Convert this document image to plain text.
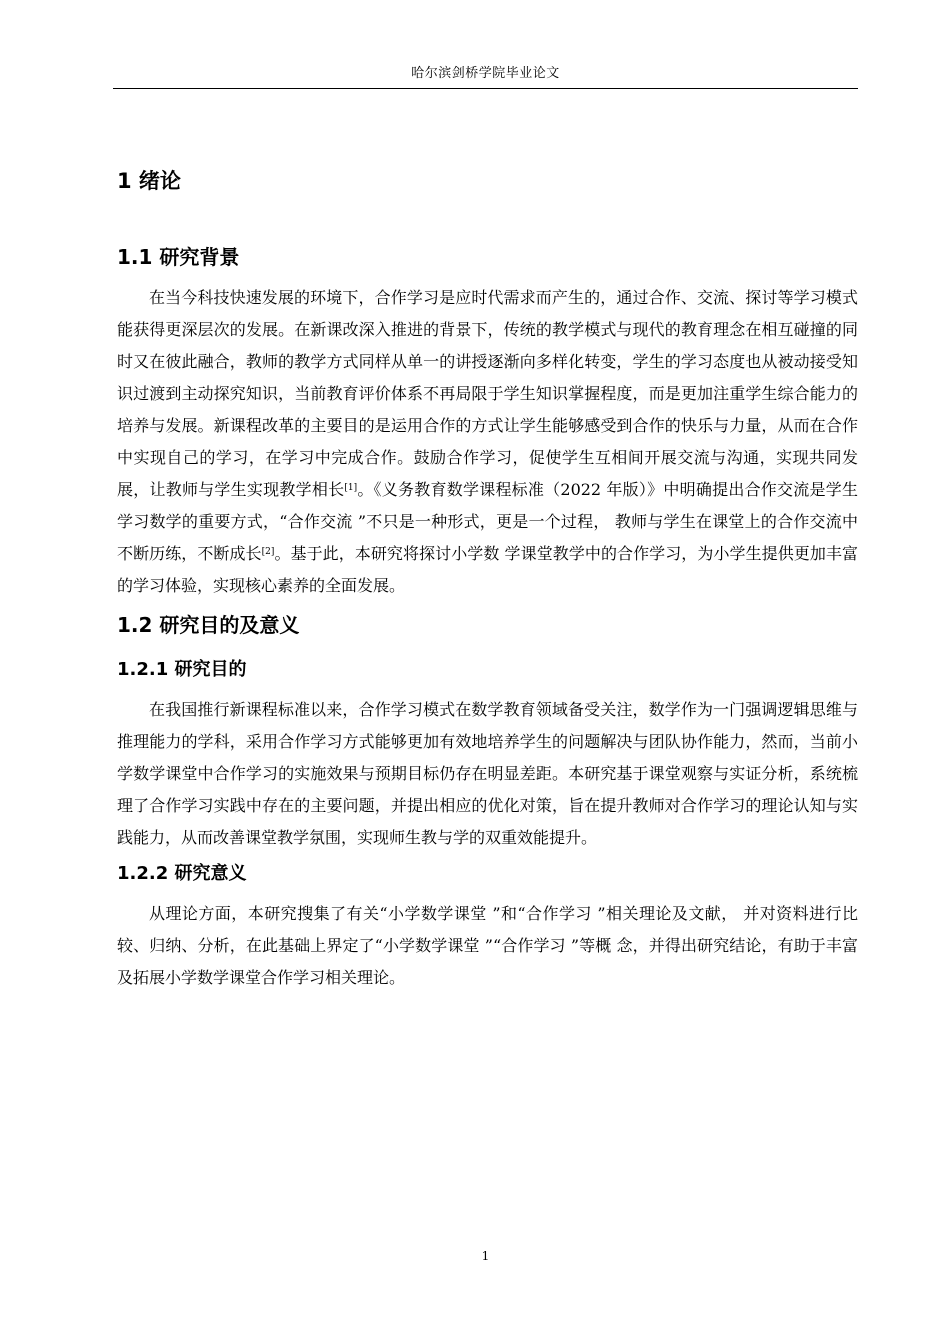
哈尔滨剑桥学院毕业论文
1 绪论
1.1 研究背景

在当今科技快速发展的环境下，合作学习是应时代需求而产生的，通过合作、交流、探讨等学习模式能获得更深层次的发展。在新课改深入推进的背景下，传统的教学模式与现代的教育理念在相互碰撞的同时又在彼此融合，教师的教学方式同样从单一的讲授逐渐向多样化转变，学生的学习态度也从被动接受知识过渡到主动探究知识，当前教育评价体系不再局限于学生知识掌握程度，而是更加注重学生综合能力的培养与发展。新课程改革的主要目的是运用合作的方式让学生能够感受到合作的快乐与力量，从而在合作中实现自己的学习，在学习中完成合作。鼓励合作学习，促使学生互相间开展交流与沟通，实现共同发展，让教师与学生实现教学相长[1]。《义务教育数学课程标准（2022 年版）》中明确提出合作交流是学生学习数学的重要方式，“合作交流 ”不只是一种形式，更是一个过程， 教师与学生在课堂上的合作交流中不断历练，不断成长[2]。基于此，本研究将探讨小学数 学课堂教学中的合作学习，为小学生提供更加丰富的学习体验，实现核心素养的全面发展。

1.2 研究目的及意义
1.2.1 研究目的

在我国推行新课程标准以来，合作学习模式在数学教育领域备受关注，数学作为一门强调逻辑思维与推理能力的学科，采用合作学习方式能够更加有效地培养学生的问题解决与团队协作能力，然而，当前小学数学课堂中合作学习的实施效果与预期目标仍存在明显差距。本研究基于课堂观察与实证分析，系统梳理了合作学习实践中存在的主要问题，并提出相应的优化对策，旨在提升教师对合作学习的理论认知与实践能力，从而改善课堂教学氛围，实现师生教与学的双重效能提升。

1.2.2 研究意义

从理论方面，本研究搜集了有关“小学数学课堂 ”和“合作学习 ”相关理论及文献， 并对资料进行比较、归纳、分析，在此基础上界定了“小学数学课堂 ”“合作学习 ”等概 念，并得出研究结论，有助于丰富及拓展小学数学课堂合作学习相关理论。

1
